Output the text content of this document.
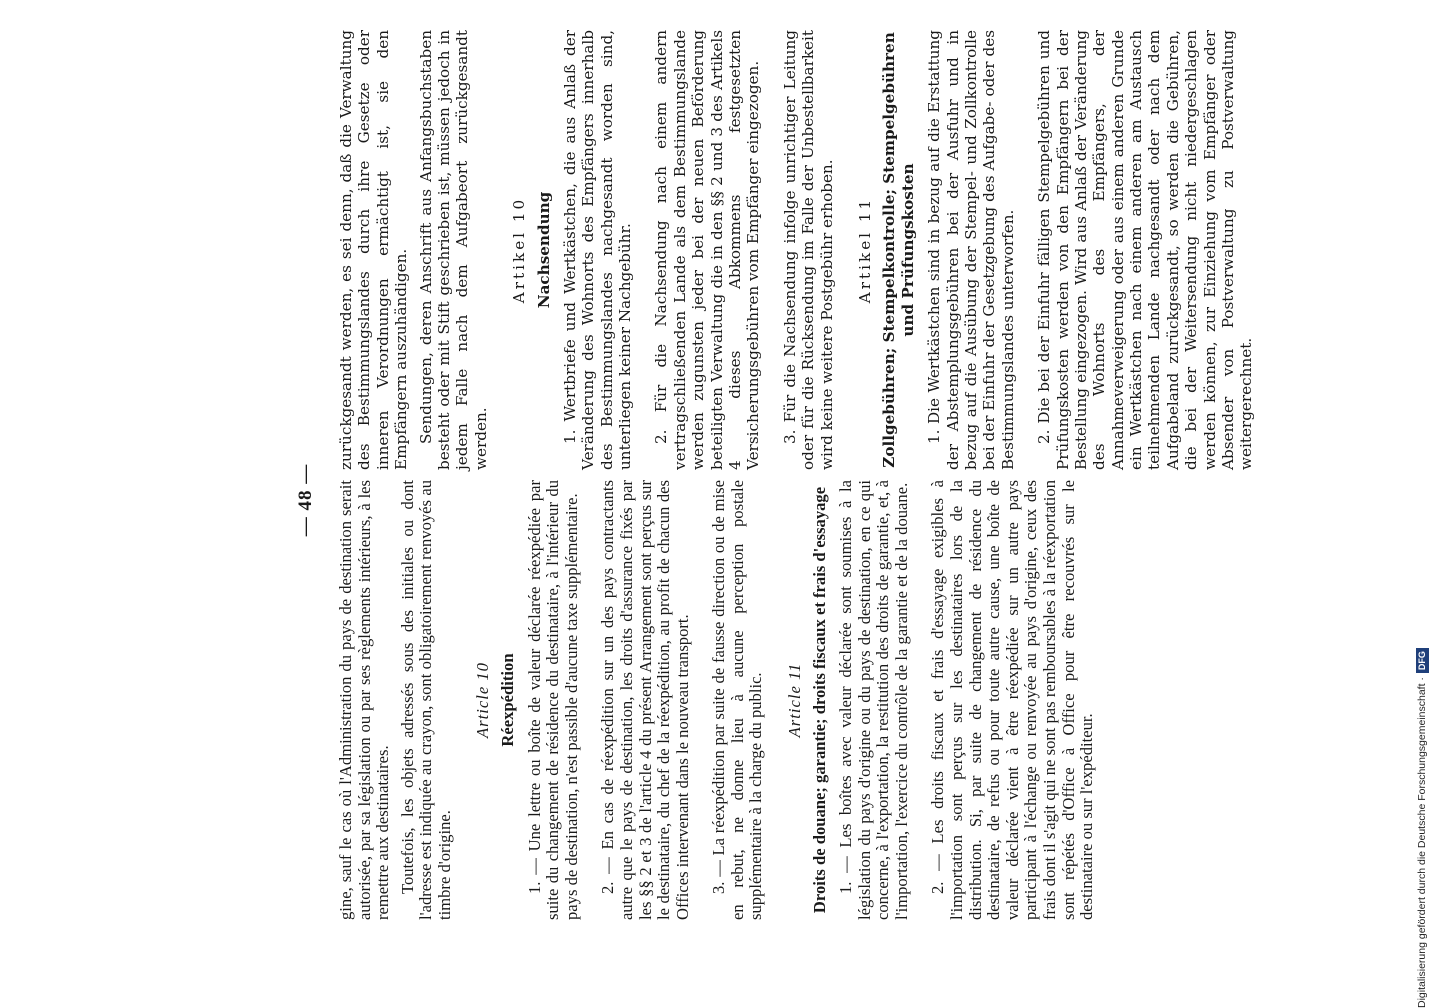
— 48 — gine, sauf le cas où l'Administration du pays de destination serait autorisée, par sa législation ou par ses règlements intérieurs, à les remettre aux destinataires. Toutefois, les objets adressés sous des initiales ou dont l'adresse est indiquée au crayon, sont obligatoirement renvoyés au timbre d'origine.

Article 10 Réexpédition 1. — Une lettre ou boîte de valeur déclarée réexpédiée par suite du changement de résidence du destinataire, à l'intérieur du pays de destination, n'est passible d'aucune taxe supplémentaire. 2. — En cas de réexpédition sur un des pays contractants autre que le pays de destination, les droits d'assurance fixés par les §§ 2 et 3 de l'article 4 du présent Arrangement sont perçus sur le destinataire, du chef de la réexpédition, au profit de chacun des Offices intervenant dans le nouveau transport. 3. — La réexpédition par suite de fausse direction ou de mise en rebut, ne donne lieu à aucune perception postale supplémentaire à la charge du public. Article 11 Droits de douane; garantie; droits fiscaux et frais d'essayage 1. — Les boîtes avec valeur déclarée sont soumises à la législation du pays d'origine ou du pays de destination, en ce qui concerne, à l'exportation, la restitution des droits de garantie, et, à l'importation, l'exercice du contrôle de la garantie et de la douane. 2. — Les droits fiscaux et frais d'essayage exigibles à l'importation sont perçus sur les destinataires lors de la distribution. Si, par suite de changement de résidence du destinataire, de refus ou pour toute autre cause, une boîte de valeur déclarée vient à être réexpédiée sur un autre pays participant à l'échange ou renvoyée au pays d'origine, ceux des frais dont il s'agit qui ne sont pas remboursables à la réexportation sont répétés d'Office à Office pour être recouvrés sur le destinataire ou sur l'expéditeur.

zurückgesandt werden, es sei denn, daß die Verwaltung des Bestimmungslandes durch ihre Gesetze oder inneren Verordnungen ermächtigt ist, sie den Empfängern auszuhändigen. Sendungen, deren Anschrift aus Anfangsbuchstaben besteht oder mit Stift geschrieben ist, müssen jedoch in jedem Falle nach dem Aufgabeort zurückgesandt werden.

Artikel 10 Nachsendung 1. Wertbriefe und Wertkästchen, die aus Anlaß der Veränderung des Wohnorts des Empfängers innerhalb des Bestimmungslandes nachgesandt worden sind, unterliegen keiner Nachgebühr. 2. Für die Nachsendung nach einem andern vertragschließenden Lande als dem Bestimmungslande werden zugunsten jeder bei der neuen Beförderung beteiligten Verwaltung die in den §§ 2 und 3 des Artikels 4 dieses Abkommens festgesetzten Versicherungsgebühren vom Empfänger eingezogen. 3. Für die Nachsendung infolge unrichtiger Leitung oder für die Rücksendung im Falle der Unbestellbarkeit wird keine weitere Postgebühr erhoben. Artikel 11 Zollgebühren; Stempelkontrolle; Stempelgebühren und Prüfungskosten 1. Die Wertkästchen sind in bezug auf die Erstattung der Abstemplungsgebühren bei der Ausfuhr und in bezug auf die Ausübung der Stempel- und Zollkontrolle bei der Einfuhr der Gesetzgebung des Aufgabe- oder des Bestimmungslandes unterworfen. 2. Die bei der Einfuhr fälligen Stempelgebühren und Prüfungskosten werden von den Empfängern bei der Bestellung eingezogen. Wird aus Anlaß der Veränderung des Wohnorts des Empfängers, der Annahmeverweigerung oder aus einem anderen Grunde ein Wertkästchen nach einem anderen am Austausch teilnehmenden Lande nachgesandt oder nach dem Aufgabeland zurückgesandt, so werden die Gebühren, die bei der Weitersendung nicht niedergeschlagen werden können, zur Einziehung vom Empfänger oder Absender von Postverwaltung zu Postverwaltung weitergerechnet.

Digitalisierung gefördert durch die Deutsche Forschungsgemeinschaft ·DFG
